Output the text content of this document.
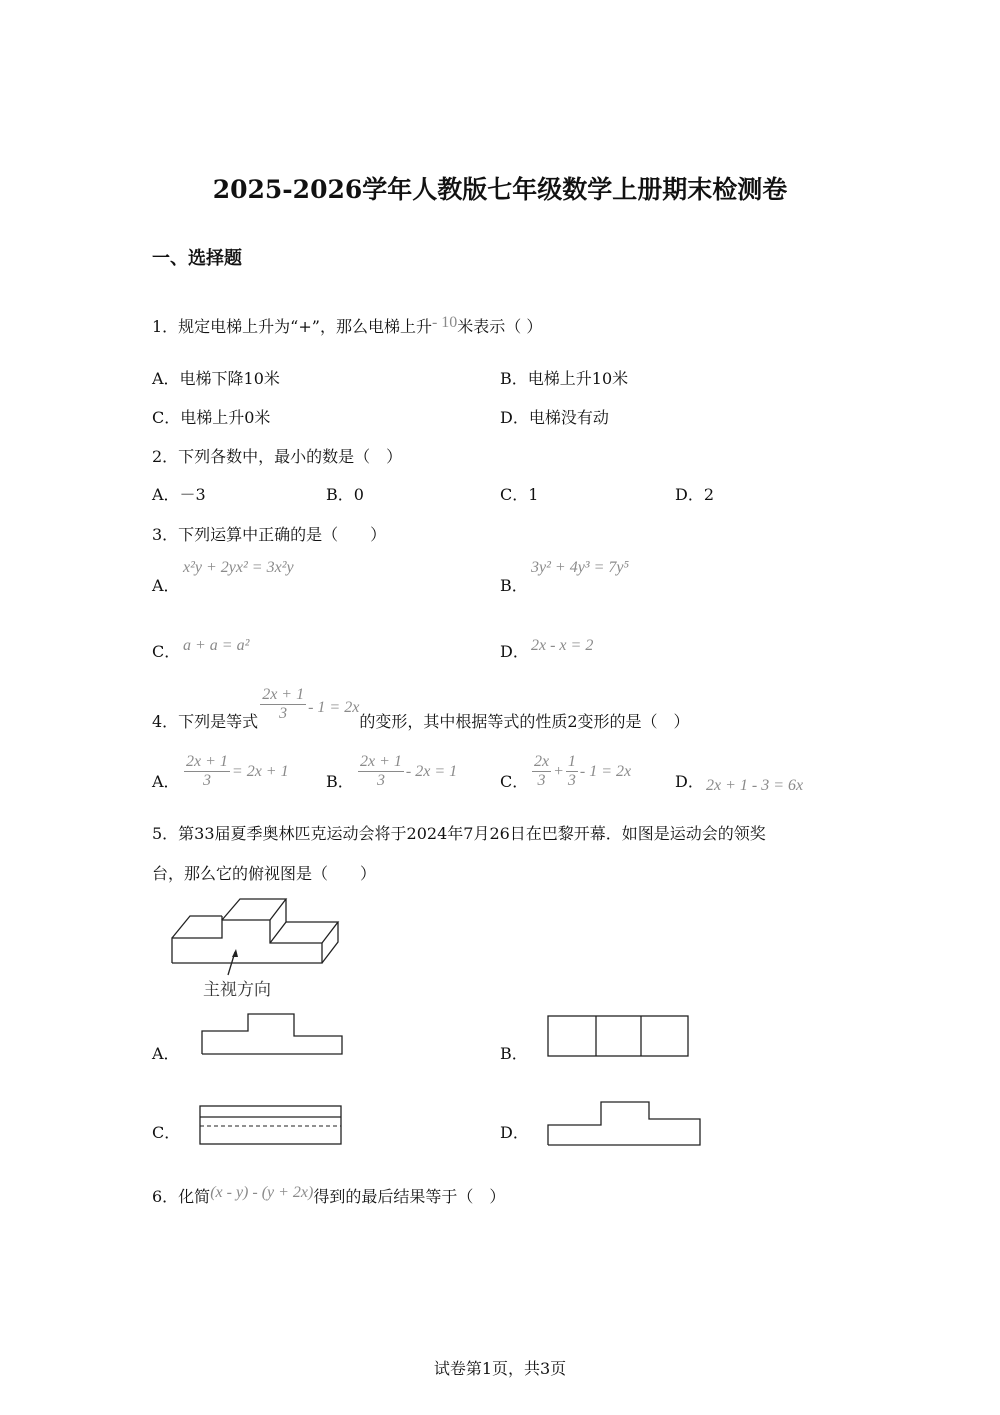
2025-2026学年人教版七年级数学上册期末检测卷
一、选择题
1．规定电梯上升为“+”，那么电梯上升- 10米表示（ ）
A．电梯下降10米	B．电梯上升10米
C．电梯上升0米	D．电梯没有动
2．下列各数中，最小的数是（　）
A．－3	B．0	C．1	D．2
3．下列运算中正确的是（　　）
A．
x²y + 2yx² = 3x²y
B．
3y² + 4y³ = 7y⁵
C． a + a = a²	D． 2x - x = 2
4．下列是等式 $\frac{2x + 1}{3} - 1 = 2x$的变形，其中根据等式的性质2变形的是（　）
A． $\frac{2x + 1}{3} = 2x + 1$
B． $\frac{2x + 1}{3} - 2x = 1$
C． $\frac{2x}{3} + \frac{1}{3} - 1 = 2x$
D． 2x + 1 - 3 = 6x
5．第33届夏季奥林匹克运动会将于2024年7月26日在巴黎开幕．如图是运动会的领奖
台，那么它的俯视图是（　　）
主视方向
A．	B．
C．	D．
6．化简(x - y) - (y + 2x)得到的最后结果等于（　）
试卷第1页，共3页
